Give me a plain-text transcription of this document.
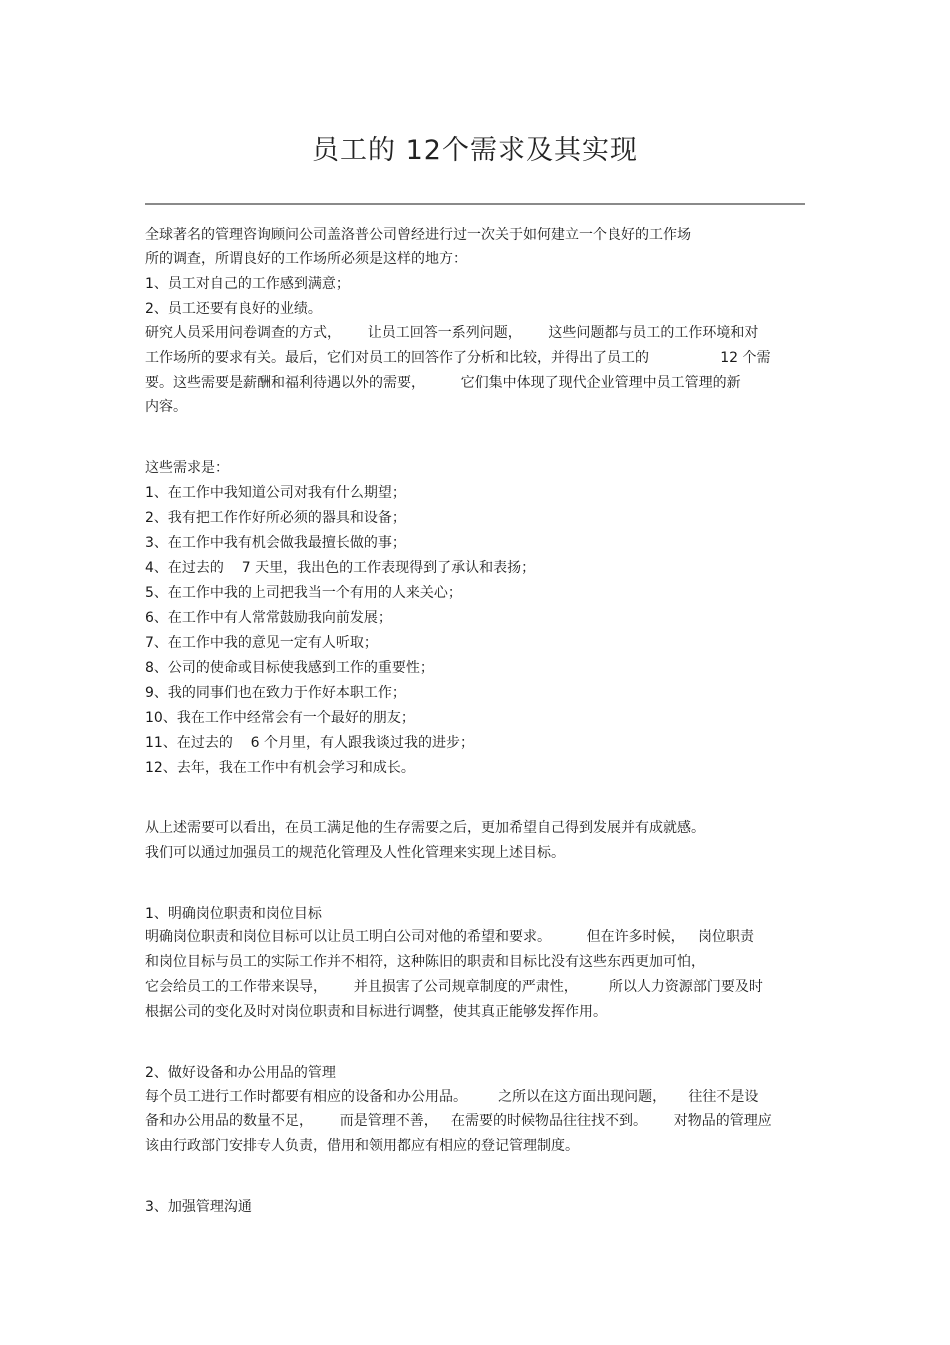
员工的 12个需求及其实现
全球著名的管理咨询顾问公司盖洛普公司曾经进行过一次关于如何建立一个良好的工作场
所的调查，所谓良好的工作场所必须是这样的地方：
1、员工对自己的工作感到满意；
2、员工还要有良好的业绩。
研究人员采用问卷调查的方式，      让员工回答一系列问题，      这些问题都与员工的工作环境和对
工作场所的要求有关。最后，它们对员工的回答作了分析和比较，并得出了员工的                12 个需
要。这些需要是薪酬和福利待遇以外的需要，        它们集中体现了现代企业管理中员工管理的新
内容。
这些需求是：
1、在工作中我知道公司对我有什么期望；
2、我有把工作作好所必须的器具和设备；
3、在工作中我有机会做我最擅长做的事；
4、在过去的    7 天里，我出色的工作表现得到了承认和表扬；
5、在工作中我的上司把我当一个有用的人来关心；
6、在工作中有人常常鼓励我向前发展；
7、在工作中我的意见一定有人听取；
8、公司的使命或目标使我感到工作的重要性；
9、我的同事们也在致力于作好本职工作；
10、我在工作中经常会有一个最好的朋友；
11、在过去的    6 个月里，有人跟我谈过我的进步；
12、去年，我在工作中有机会学习和成长。
从上述需要可以看出，在员工满足他的生存需要之后，更加希望自己得到发展并有成就感。
我们可以通过加强员工的规范化管理及人性化管理来实现上述目标。
1、明确岗位职责和岗位目标
明确岗位职责和岗位目标可以让员工明白公司对他的希望和要求。        但在许多时候，   岗位职责
和岗位目标与员工的实际工作并不相符，这种陈旧的职责和目标比没有这些东西更加可怕，
它会给员工的工作带来误导，      并且损害了公司规章制度的严肃性，       所以人力资源部门要及时
根据公司的变化及时对岗位职责和目标进行调整，使其真正能够发挥作用。
2、做好设备和办公用品的管理
每个员工进行工作时都要有相应的设备和办公用品。       之所以在这方面出现问题，     往往不是设
备和办公用品的数量不足，      而是管理不善，   在需要的时候物品往往找不到。      对物品的管理应
该由行政部门安排专人负责，借用和领用都应有相应的登记管理制度。
3、加强管理沟通
